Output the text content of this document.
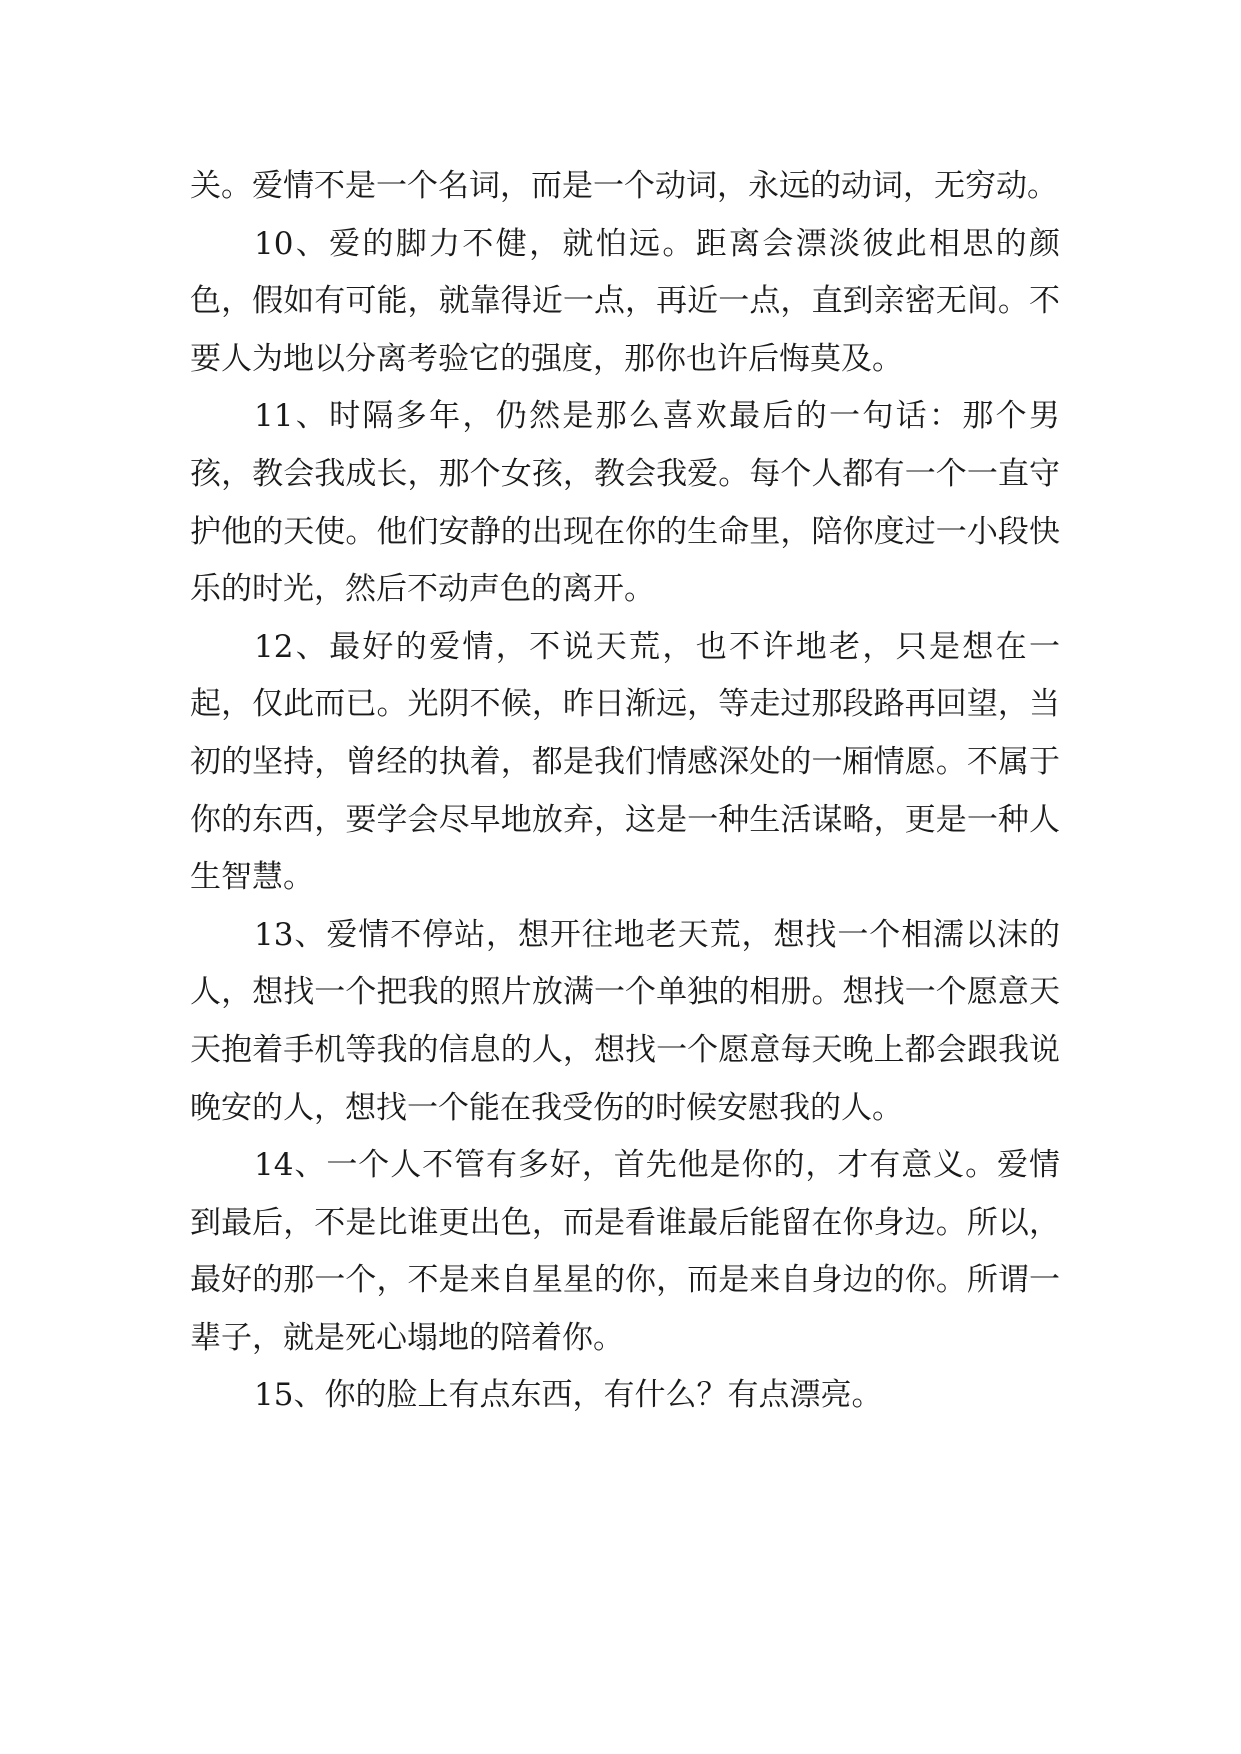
关。爱情不是一个名词，而是一个动词，永远的动词，无穷动。

10、爱的脚力不健，就怕远。距离会漂淡彼此相思的颜色，假如有可能，就靠得近一点，再近一点，直到亲密无间。不要人为地以分离考验它的强度，那你也许后悔莫及。

11、时隔多年，仍然是那么喜欢最后的一句话：那个男孩，教会我成长，那个女孩，教会我爱。每个人都有一个一直守护他的天使。他们安静的出现在你的生命里，陪你度过一小段快乐的时光，然后不动声色的离开。

12、最好的爱情，不说天荒，也不许地老，只是想在一起，仅此而已。光阴不候，昨日渐远，等走过那段路再回望，当初的坚持，曾经的执着，都是我们情感深处的一厢情愿。不属于你的东西，要学会尽早地放弃，这是一种生活谋略，更是一种人生智慧。

13、爱情不停站，想开往地老天荒，想找一个相濡以沫的人，想找一个把我的照片放满一个单独的相册。想找一个愿意天天抱着手机等我的信息的人，想找一个愿意每天晚上都会跟我说晚安的人，想找一个能在我受伤的时候安慰我的人。

14、一个人不管有多好，首先他是你的，才有意义。爱情到最后，不是比谁更出色，而是看谁最后能留在你身边。所以，最好的那一个，不是来自星星的你，而是来自身边的你。所谓一辈子，就是死心塌地的陪着你。

15、你的脸上有点东西，有什么？有点漂亮。
